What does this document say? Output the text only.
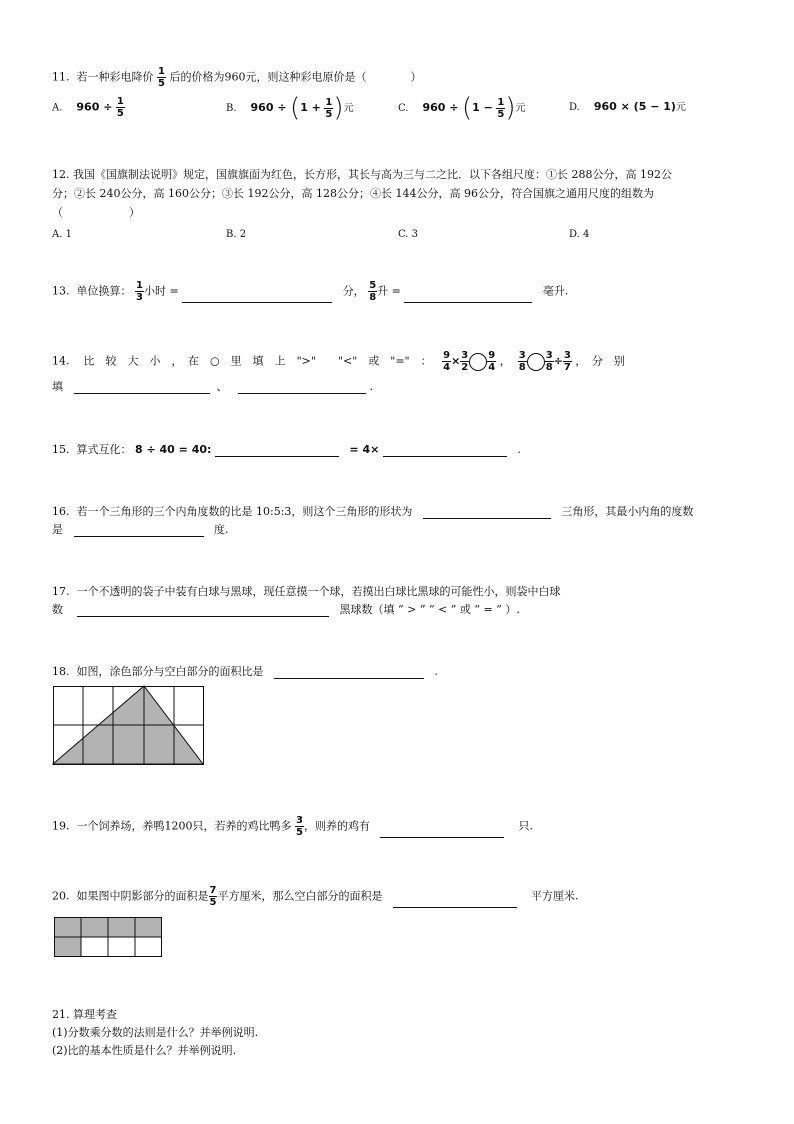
11. 若一种彩电降价 $\frac{1}{5}$ 后的价格为960元，则这种彩电原价是（　　　　）
A. $960 \div \frac{1}{5}$	B. $960 \div (1 + \frac{1}{5}$ )元	C. $960 \div (1 - \frac{1}{5}$ )元	D. 960 × (5 − 1)元
12. 我国《国旗制法说明》规定，国旗旗面为红色，长方形，其长与高为三与二之比．以下各组尺度：①长 288公分，高 192公
分；②长 240公分，高 160公分；③长 192公分，高 128公分；④长 144公分，高 96公分，符合国旗之通用尺度的组数为
（　　　　　　）
A. 1	B. 2	C. 3	D. 4
13. 单位换算： $\frac{1}{3}$ 小时 =	分， $\frac{5}{8}$ 升 =	毫升.
14. 比　较　大　小　，　在　○　里　填　上　">"　　"<"　或　"="　： $\frac{9}{4} \times \frac{3}{2} \frac{9}{4}$ ， $\frac{3}{8} \frac{3}{8} \div \frac{3}{7}$ ，　分　别
填	、	.
15. 算式互化： 8 ÷ 40 = 40:	= 4×	.
16. 若一个三角形的三个内角度数的比是 10:5:3，则这个三角形的形状为	三角形，其最小内角的度数
是	度.
17. 一个不透明的袋子中装有白球与黑球，现任意摸一个球，若摸出白球比黑球的可能性小，则袋中白球
数	黑球数（填 “ > ” “ < ” 或 “ = ” ）.
18. 如图，涂色部分与空白部分的面积比是	.
19. 一个饲养场，养鸭1200只，若养的鸡比鸭多 $\frac{3}{5}$ ，则养的鸡有	只.
20. 如果图中阴影部分的面积是 $\frac{7}{5}$ 平方厘米，那么空白部分的面积是	平方厘米.
21. 算理考查
(1)分数乘分数的法则是什么？并举例说明.
(2)比的基本性质是什么？并举例说明.
